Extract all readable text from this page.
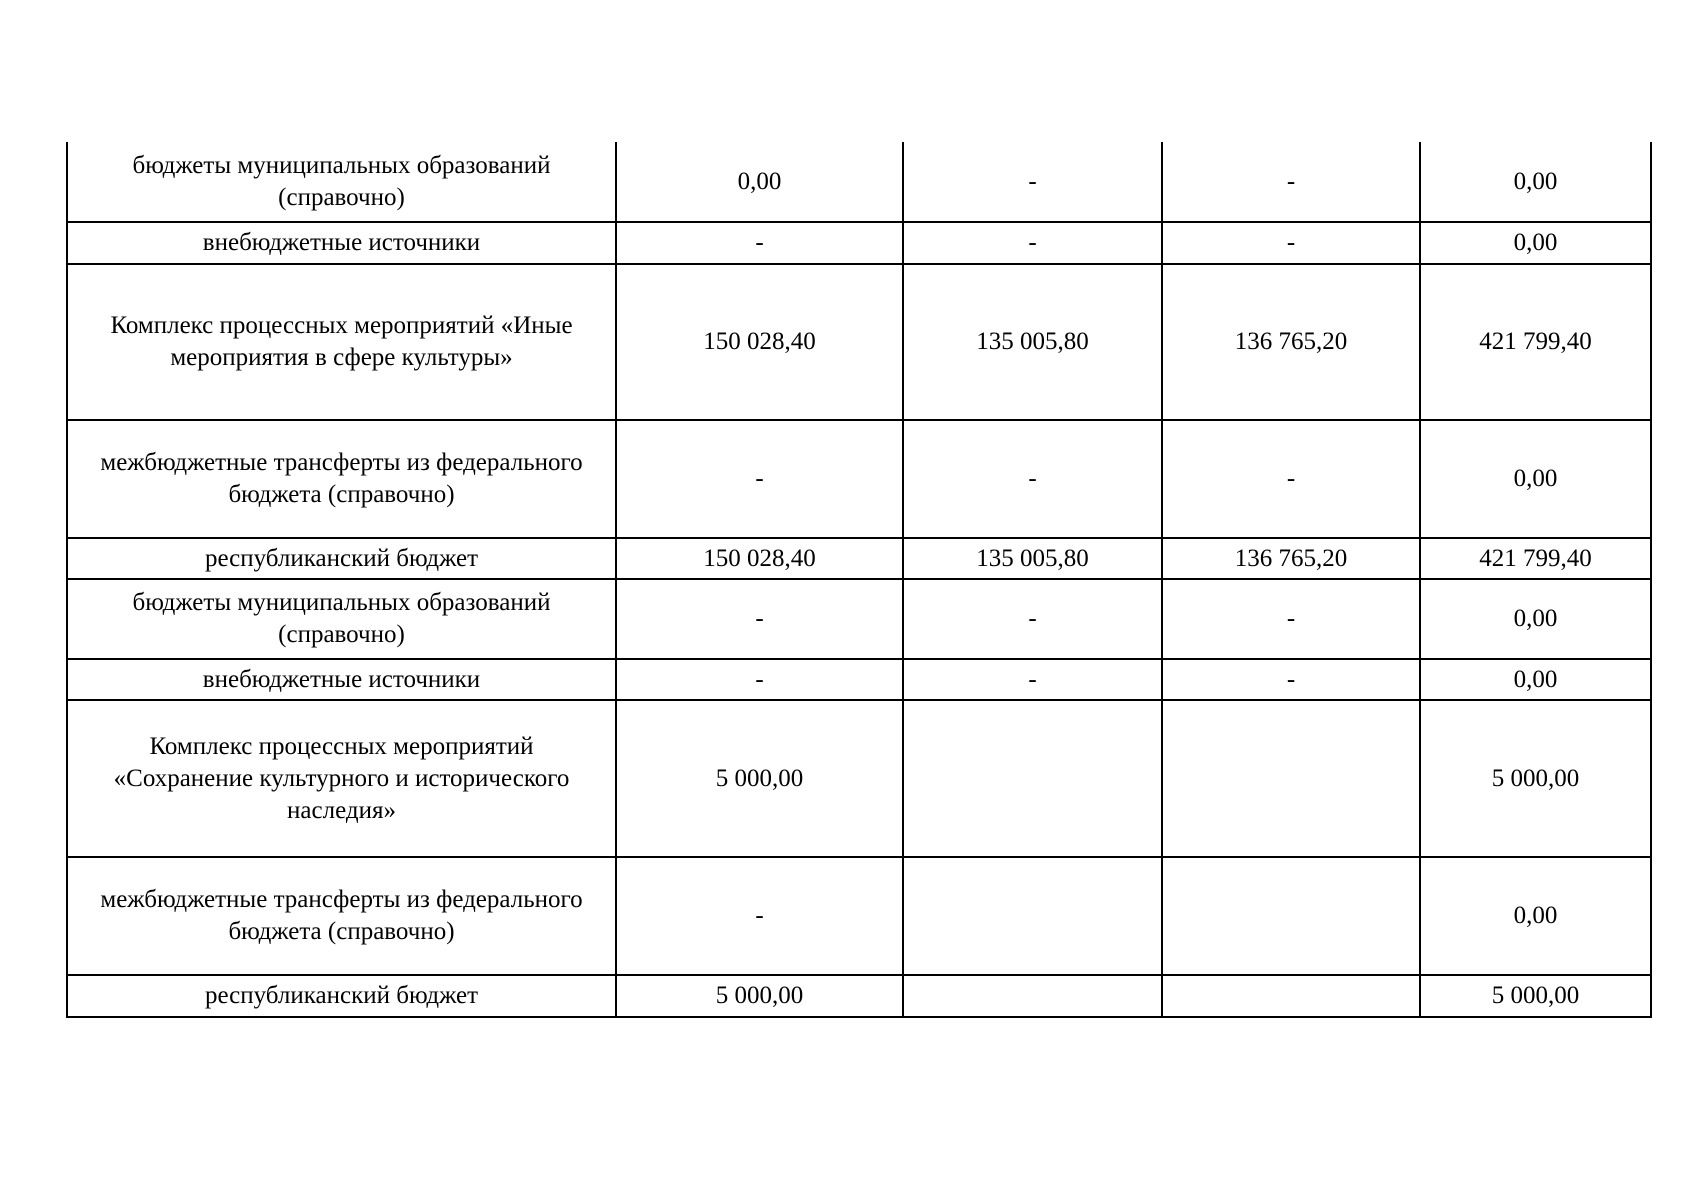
бюджеты муниципальных образований (справочно)	0,00	-	-	0,00
внебюджетные источники	-	-	-	0,00
Комплекс процессных мероприятий «Иные мероприятия в сфере культуры»	150 028,40	135 005,80	136 765,20	421 799,40
межбюджетные трансферты из федерального бюджета (справочно)	-	-	-	0,00
республиканский бюджет	150 028,40	135 005,80	136 765,20	421 799,40
бюджеты муниципальных образований (справочно)	-	-	-	0,00
внебюджетные источники	-	-	-	0,00
Комплекс процессных мероприятий «Сохранение культурного и исторического наследия»	5 000,00			5 000,00
межбюджетные трансферты из федерального бюджета (справочно)	-			0,00
республиканский бюджет	5 000,00			5 000,00
